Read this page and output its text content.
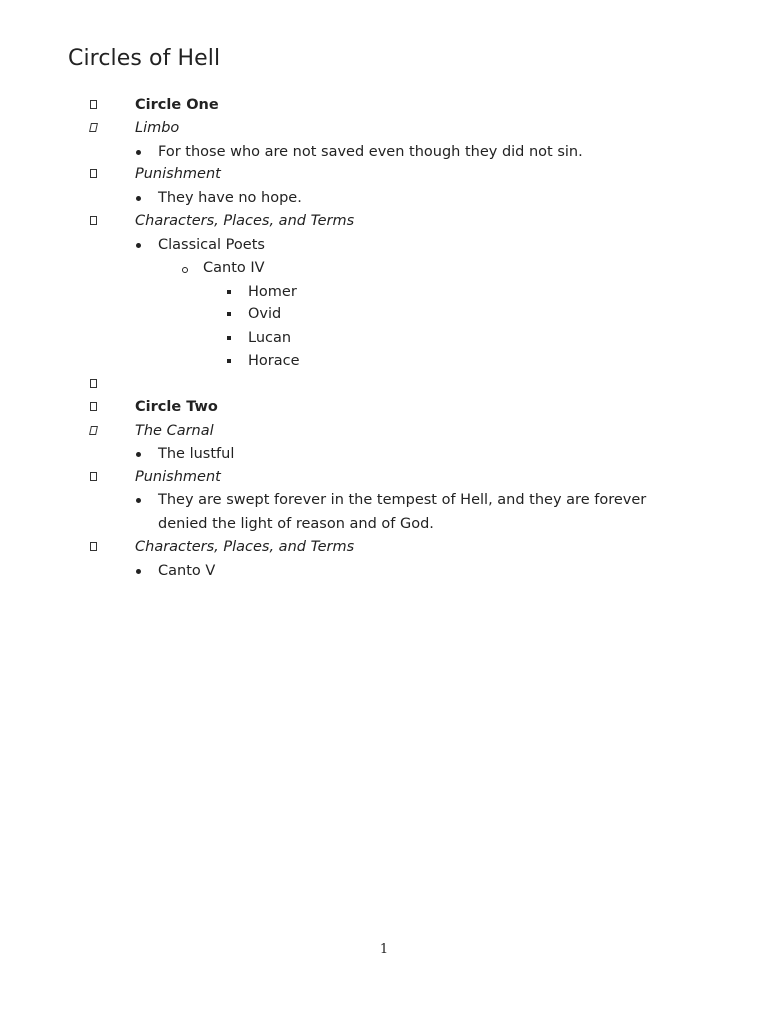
Circles of Hell
Circle One
Limbo
For those who are not saved even though they did not sin.
Punishment
They have no hope.
Characters, Places, and Terms
Classical Poets
Canto IV
Homer
Ovid
Lucan
Horace
Circle Two
The Carnal
The lustful
Punishment
They are swept forever in the tempest of Hell, and they are forever denied the light of reason and of God.
Characters, Places, and Terms
Canto V
1
